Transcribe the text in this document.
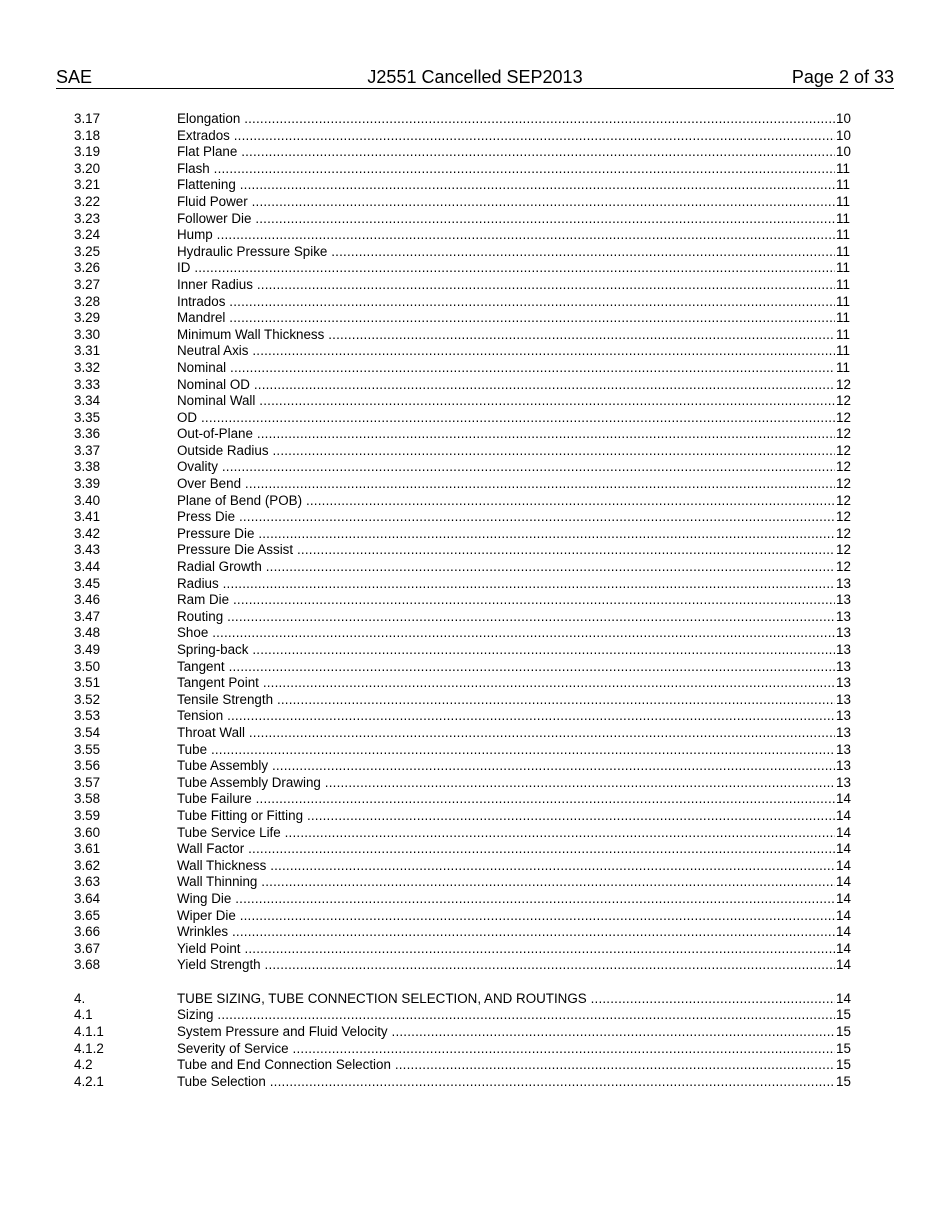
SAE	J2551 Cancelled SEP2013	Page 2 of 33
3.17	Elongation .....	10
3.18	Extrados .....	10
3.19	Flat Plane .....	10
3.20	Flash .....	11
3.21	Flattening .....	11
3.22	Fluid Power .....	11
3.23	Follower Die .....	11
3.24	Hump .....	11
3.25	Hydraulic Pressure Spike .....	11
3.26	ID .....	11
3.27	Inner Radius .....	11
3.28	Intrados .....	11
3.29	Mandrel .....	11
3.30	Minimum Wall Thickness .....	11
3.31	Neutral Axis .....	11
3.32	Nominal .....	11
3.33	Nominal OD .....	12
3.34	Nominal Wall .....	12
3.35	OD .....	12
3.36	Out-of-Plane .....	12
3.37	Outside Radius .....	12
3.38	Ovality .....	12
3.39	Over Bend .....	12
3.40	Plane of Bend (POB) .....	12
3.41	Press Die .....	12
3.42	Pressure Die .....	12
3.43	Pressure Die Assist .....	12
3.44	Radial Growth .....	12
3.45	Radius .....	13
3.46	Ram Die .....	13
3.47	Routing .....	13
3.48	Shoe .....	13
3.49	Spring-back .....	13
3.50	Tangent .....	13
3.51	Tangent Point .....	13
3.52	Tensile Strength .....	13
3.53	Tension .....	13
3.54	Throat Wall .....	13
3.55	Tube .....	13
3.56	Tube Assembly .....	13
3.57	Tube Assembly Drawing .....	13
3.58	Tube Failure .....	14
3.59	Tube Fitting or Fitting .....	14
3.60	Tube Service Life .....	14
3.61	Wall Factor .....	14
3.62	Wall Thickness .....	14
3.63	Wall Thinning .....	14
3.64	Wing Die .....	14
3.65	Wiper Die .....	14
3.66	Wrinkles .....	14
3.67	Yield Point .....	14
3.68	Yield Strength .....	14
4.	TUBE SIZING, TUBE CONNECTION SELECTION, AND ROUTINGS .....	14
4.1	Sizing .....	15
4.1.1	System Pressure and Fluid Velocity .....	15
4.1.2	Severity of Service .....	15
4.2	Tube and End Connection Selection .....	15
4.2.1	Tube Selection .....	15
